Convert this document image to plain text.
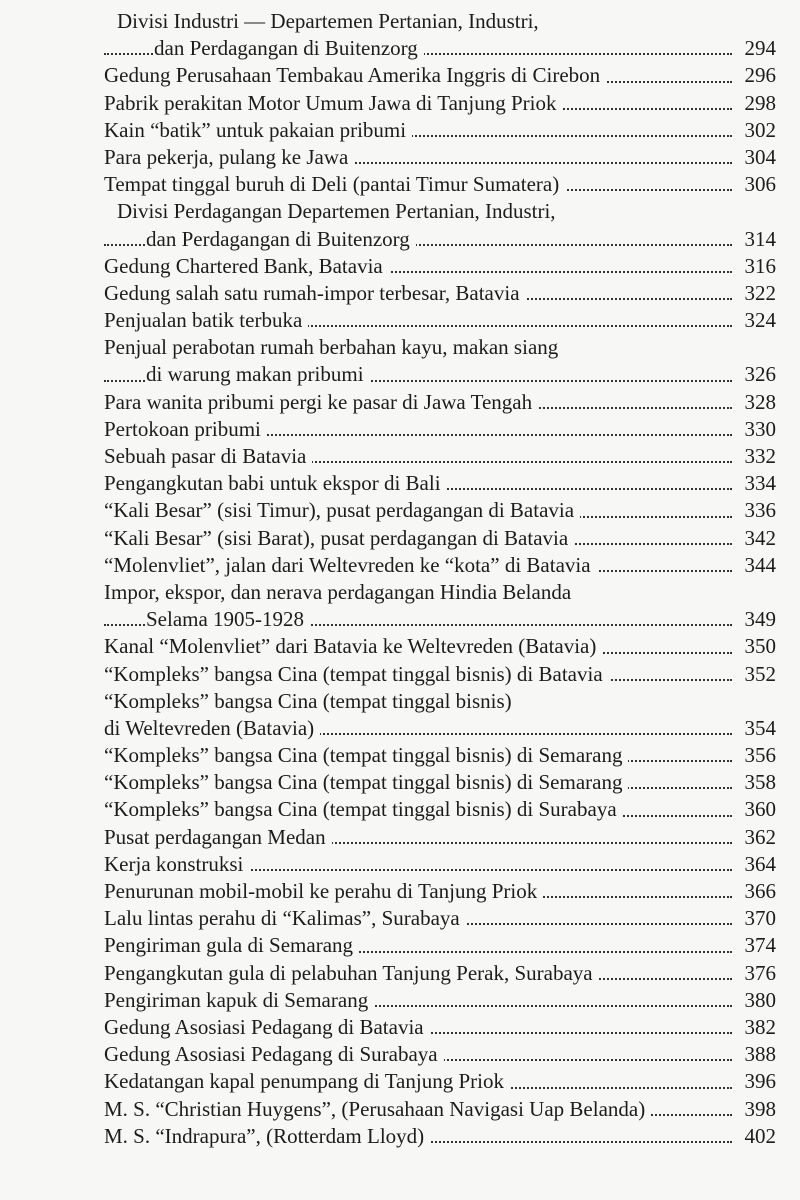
Divisi Industri — Departemen Pertanian, Industri,
dan Perdagangan di Buitenzorg	294
Gedung Perusahaan Tembakau Amerika Inggris di Cirebon	296
Pabrik perakitan Motor Umum Jawa di Tanjung Priok	298
Kain “batik” untuk pakaian pribumi	302
Para pekerja, pulang ke Jawa	304
Tempat tinggal buruh di Deli (pantai Timur Sumatera)	306
Divisi Perdagangan Departemen Pertanian, Industri,
dan Perdagangan di Buitenzorg	314
Gedung Chartered Bank, Batavia	316
Gedung salah satu rumah-impor terbesar, Batavia	322
Penjualan batik terbuka	324
Penjual perabotan rumah berbahan kayu, makan siang
di warung makan pribumi	326
Para wanita pribumi pergi ke pasar di Jawa Tengah	328
Pertokoan pribumi	330
Sebuah pasar di Batavia	332
Pengangkutan babi untuk ekspor di Bali	334
“Kali Besar” (sisi Timur), pusat perdagangan di Batavia	336
“Kali Besar” (sisi Barat), pusat perdagangan di Batavia	342
“Molenvliet”, jalan dari Weltevreden ke “kota” di Batavia	344
Impor, ekspor, dan nerava perdagangan Hindia Belanda
Selama 1905-1928	349
Kanal “Molenvliet” dari Batavia ke Weltevreden (Batavia)	350
“Kompleks” bangsa Cina (tempat tinggal bisnis) di Batavia	352
“Kompleks” bangsa Cina (tempat tinggal bisnis)
di Weltevreden (Batavia)	354
“Kompleks” bangsa Cina (tempat tinggal bisnis) di Semarang	356
“Kompleks” bangsa Cina (tempat tinggal bisnis) di Semarang	358
“Kompleks” bangsa Cina (tempat tinggal bisnis) di Surabaya	360
Pusat perdagangan Medan	362
Kerja konstruksi	364
Penurunan mobil-mobil ke perahu di Tanjung Priok	366
Lalu lintas perahu di “Kalimas”, Surabaya	370
Pengiriman gula di Semarang	374
Pengangkutan gula di pelabuhan Tanjung Perak, Surabaya	376
Pengiriman kapuk di Semarang	380
Gedung Asosiasi Pedagang di Batavia	382
Gedung Asosiasi Pedagang di Surabaya	388
Kedatangan kapal penumpang di Tanjung Priok	396
M. S. “Christian Huygens”, (Perusahaan Navigasi Uap Belanda)	398
M. S. “Indrapura”, (Rotterdam Lloyd)	402
